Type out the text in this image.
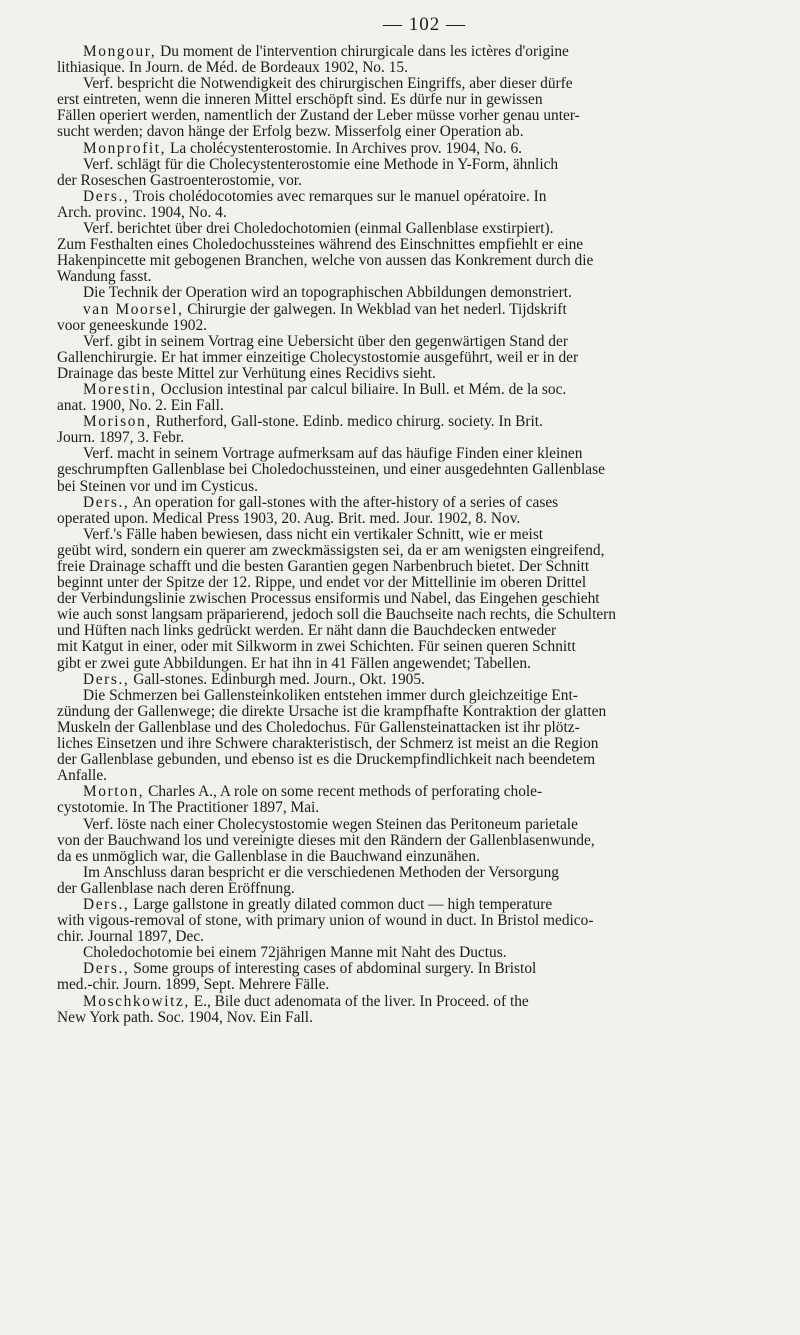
— 102 —

Mongour, Du moment de l'intervention chirurgicale dans les ictères d'origine

lithiasique. In Journ. de Méd. de Bordeaux 1902, No. 15.

Verf. bespricht die Notwendigkeit des chirurgischen Eingriffs, aber dieser dürfe

erst eintreten, wenn die inneren Mittel erschöpft sind. Es dürfe nur in gewissen

Fällen operiert werden, namentlich der Zustand der Leber müsse vorher genau unter-

sucht werden; davon hänge der Erfolg bezw. Misserfolg einer Operation ab.

Monprofit, La cholécystenterostomie. In Archives prov. 1904, No. 6.

Verf. schlägt für die Cholecystenterostomie eine Methode in Y-Form, ähnlich

der Roseschen Gastroenterostomie, vor.

Ders., Trois cholédocotomies avec remarques sur le manuel opératoire. In

Arch. provinc. 1904, No. 4.

Verf. berichtet über drei Choledochotomien (einmal Gallenblase exstirpiert).

Zum Festhalten eines Choledochussteines während des Einschnittes empfiehlt er eine

Hakenpincette mit gebogenen Branchen, welche von aussen das Konkrement durch die

Wandung fasst.

Die Technik der Operation wird an topographischen Abbildungen demonstriert.

van Moorsel, Chirurgie der galwegen. In Wekblad van het nederl. Tijdskrift

voor geneeskunde 1902.

Verf. gibt in seinem Vortrag eine Uebersicht über den gegenwärtigen Stand der

Gallenchirurgie. Er hat immer einzeitige Cholecystostomie ausgeführt, weil er in der

Drainage das beste Mittel zur Verhütung eines Recidivs sieht.

Morestin, Occlusion intestinal par calcul biliaire. In Bull. et Mém. de la soc.

anat. 1900, No. 2. Ein Fall.

Morison, Rutherford, Gall-stone. Edinb. medico chirurg. society. In Brit.

Journ. 1897, 3. Febr.

Verf. macht in seinem Vortrage aufmerksam auf das häufige Finden einer kleinen

geschrumpften Gallenblase bei Choledochussteinen, und einer ausgedehnten Gallenblase

bei Steinen vor und im Cysticus.

Ders., An operation for gall-stones with the after-history of a series of cases

operated upon. Medical Press 1903, 20. Aug. Brit. med. Jour. 1902, 8. Nov.

Verf.'s Fälle haben bewiesen, dass nicht ein vertikaler Schnitt, wie er meist

geübt wird, sondern ein querer am zweckmässigsten sei, da er am wenigsten eingreifend,

freie Drainage schafft und die besten Garantien gegen Narbenbruch bietet. Der Schnitt

beginnt unter der Spitze der 12. Rippe, und endet vor der Mittellinie im oberen Drittel

der Verbindungslinie zwischen Processus ensiformis und Nabel, das Eingehen geschieht

wie auch sonst langsam präparierend, jedoch soll die Bauchseite nach rechts, die Schultern

und Hüften nach links gedrückt werden. Er näht dann die Bauchdecken entweder

mit Katgut in einer, oder mit Silkworm in zwei Schichten. Für seinen queren Schnitt

gibt er zwei gute Abbildungen. Er hat ihn in 41 Fällen angewendet; Tabellen.

Ders., Gall-stones. Edinburgh med. Journ., Okt. 1905.

Die Schmerzen bei Gallensteinkoliken entstehen immer durch gleichzeitige Ent-

zündung der Gallenwege; die direkte Ursache ist die krampfhafte Kontraktion der glatten

Muskeln der Gallenblase und des Choledochus. Für Gallensteinattacken ist ihr plötz-

liches Einsetzen und ihre Schwere charakteristisch, der Schmerz ist meist an die Region

der Gallenblase gebunden, und ebenso ist es die Druckempfindlichkeit nach beendetem

Anfalle.

Morton, Charles A., A role on some recent methods of perforating chole-

cystotomie. In The Practitioner 1897, Mai.

Verf. löste nach einer Cholecystostomie wegen Steinen das Peritoneum parietale

von der Bauchwand los und vereinigte dieses mit den Rändern der Gallenblasenwunde,

da es unmöglich war, die Gallenblase in die Bauchwand einzunähen.

Im Anschluss daran bespricht er die verschiedenen Methoden der Versorgung

der Gallenblase nach deren Eröffnung.

Ders., Large gallstone in greatly dilated common duct — high temperature

with vigous-removal of stone, with primary union of wound in duct. In Bristol medico-

chir. Journal 1897, Dec.

Choledochotomie bei einem 72jährigen Manne mit Naht des Ductus.

Ders., Some groups of interesting cases of abdominal surgery. In Bristol

med.-chir. Journ. 1899, Sept. Mehrere Fälle.

Moschkowitz, E., Bile duct adenomata of the liver. In Proceed. of the

New York path. Soc. 1904, Nov. Ein Fall.
